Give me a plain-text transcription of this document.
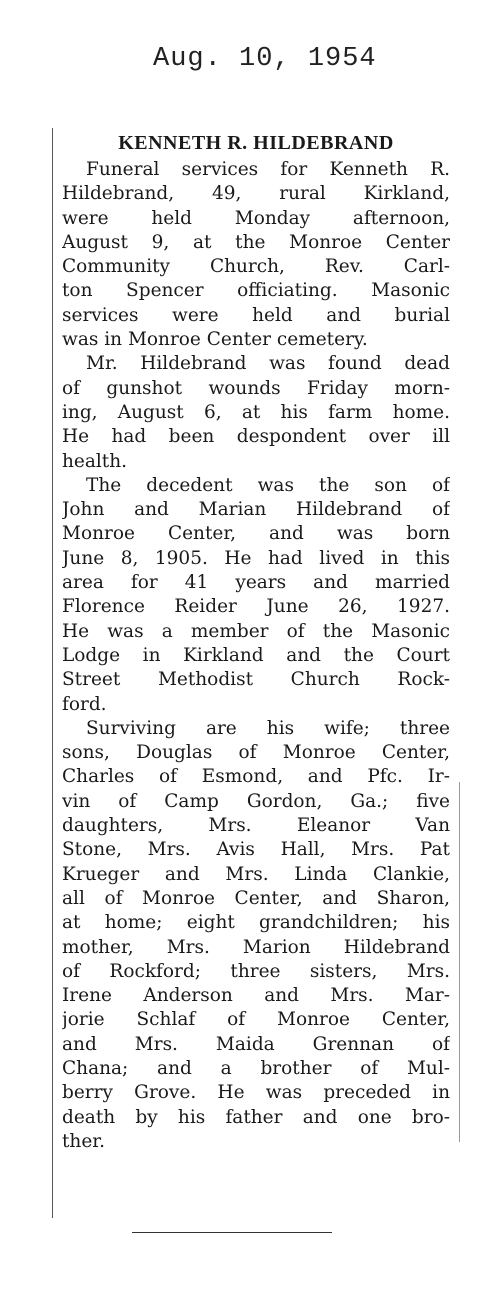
Aug. 10, 1954
KENNETH R. HILDEBRAND
Funeral services for Kenneth R.
Hildebrand, 49, rural Kirkland,
were held Monday afternoon,
August 9, at the Monroe Center
Community Church, Rev. Carl-
ton Spencer officiating. Masonic
services were held and burial
was in Monroe Center cemetery.
Mr. Hildebrand was found dead
of gunshot wounds Friday morn-
ing, August 6, at his farm home.
He had been despondent over ill
health.
The decedent was the son of
John and Marian Hildebrand of
Monroe Center, and was born
June 8, 1905. He had lived in this
area for 41 years and married
Florence Reider June 26, 1927.
He was a member of the Masonic
Lodge in Kirkland and the Court
Street Methodist Church Rock-
ford.
Surviving are his wife; three
sons, Douglas of Monroe Center,
Charles of Esmond, and Pfc. Ir-
vin of Camp Gordon, Ga.; five
daughters, Mrs. Eleanor Van
Stone, Mrs. Avis Hall, Mrs. Pat
Krueger and Mrs. Linda Clankie,
all of Monroe Center, and Sharon,
at home; eight grandchildren; his
mother, Mrs. Marion Hildebrand
of Rockford; three sisters, Mrs.
Irene Anderson and Mrs. Mar-
jorie Schlaf of Monroe Center,
and Mrs. Maida Grennan of
Chana; and a brother of Mul-
berry Grove. He was preceded in
death by his father and one bro-
ther.
